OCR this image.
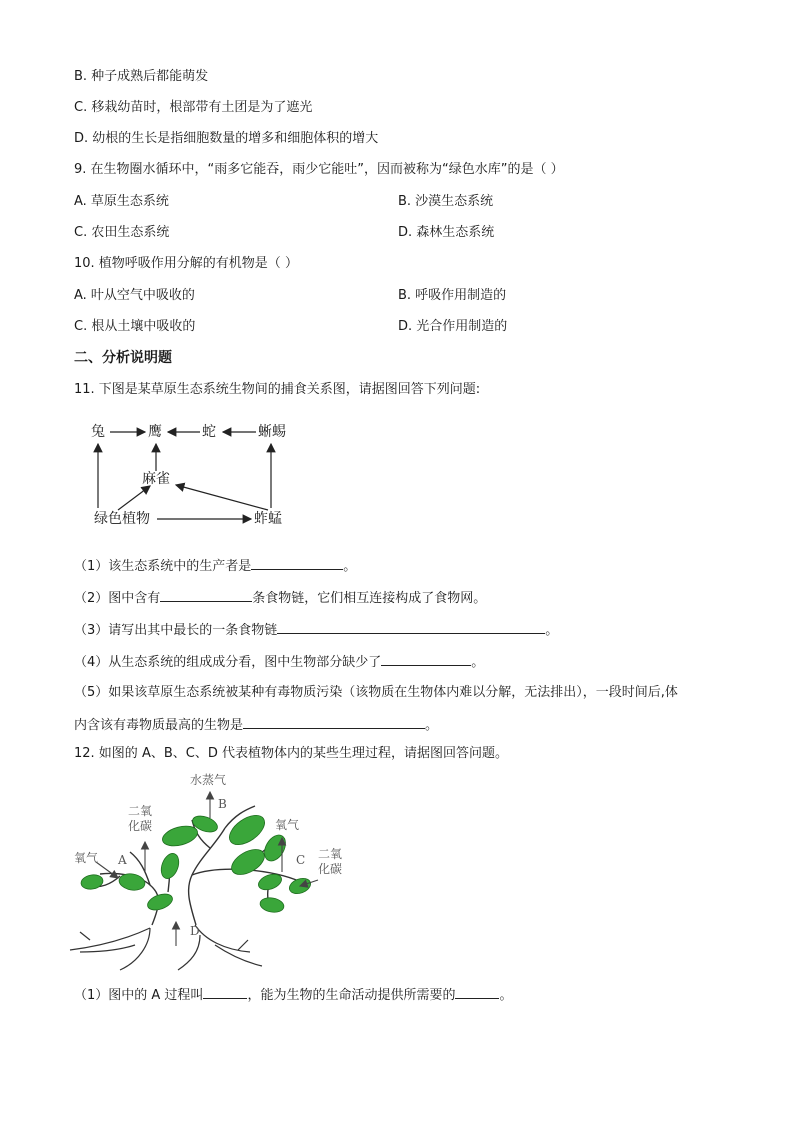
B. 种子成熟后都能萌发
C. 移栽幼苗时，根部带有土团是为了遮光
D. 幼根的生长是指细胞数量的增多和细胞体积的增大
9. 在生物圈水循环中，“雨多它能吞，雨少它能吐”，因而被称为“绿色水库”的是（ ）
A. 草原生态系统	B. 沙漠生态系统
C. 农田生态系统	D. 森林生态系统
10. 植物呼吸作用分解的有机物是（ ）
A. 叶从空气中吸收的	B. 呼吸作用制造的
C. 根从土壤中吸收的	D. 光合作用制造的
二、分析说明题
11. 下图是某草原生态系统生物间的捕食关系图，请据图回答下列问题:
兔	鹰	蛇	蜥蜴
麻雀
绿色植物	蚱蜢
（1）该生态系统中的生产者是	。
（2）图中含有	条食物链，它们相互连接构成了食物网。
（3）请写出其中最长的一条食物链	。
（4）从生态系统的组成成分看，图中生物部分缺少了	。
（5）如果该草原生态系统被某种有毒物质污染（该物质在生物体内难以分解，无法排出），一段时间后,体
内含该有毒物质最高的生物是	。
12. 如图的 A、B、C、D 代表植物体内的某些生理过程，请据图回答问题。
水蒸气
B
二氧
化碳
氧气 A
氧气
C 二氧
化碳
D
（1）图中的 A 过程叫	，能为生物的生命活动提供所需要的	。
